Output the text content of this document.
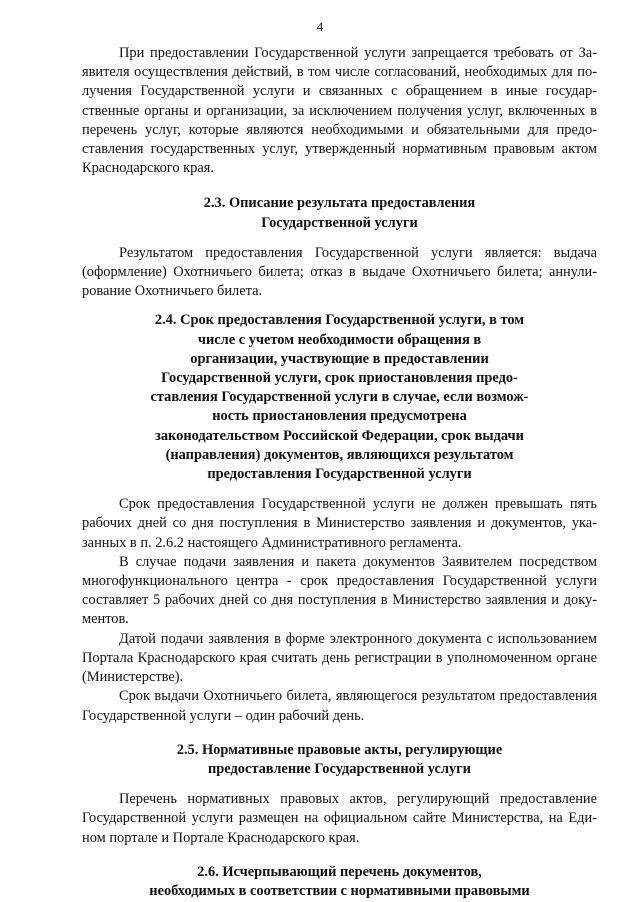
4

При предоставлении Государственной услуги запрещается требовать от Заявителя осуществления действий, в том числе согласований, необходимых для получения Государственной услуги и связанных с обращением в иные государственные органы и организации, за исключением получения услуг, включенных в перечень услуг, которые являются необходимыми и обязательными для предоставления государственных услуг, утвержденный нормативным правовым актом Краснодарского края.

2.3. Описание результата предоставления
Государственной услуги

Результатом предоставления Государственной услуги является: выдача (оформление) Охотничьего билета; отказ в выдаче Охотничьего билета; аннулирование Охотничьего билета.

2.4. Срок предоставления Государственной услуги, в том
числе с учетом необходимости обращения в
организации, участвующие в предоставлении
Государственной услуги, срок приостановления предо-
ставления Государственной услуги в случае, если возмож-
ность приостановления предусмотрена
законодательством Российской Федерации, срок выдачи
(направления) документов, являющихся результатом
предоставления Государственной услуги

Срок предоставления Государственной услуги не должен превышать пять рабочих дней со дня поступления в Министерство заявления и документов, указанных в п. 2.6.2 настоящего Административного регламента.

В случае подачи заявления и пакета документов Заявителем посредством многофункционального центра - срок предоставления Государственной услуги составляет 5 рабочих дней со дня поступления в Министерство заявления и документов.

Датой подачи заявления в форме электронного документа с использованием Портала Краснодарского края считать день регистрации в уполномоченном органе (Министерстве).

Срок выдачи Охотничьего билета, являющегося результатом предоставления Государственной услуги – один рабочий день.

2.5. Нормативные правовые акты, регулирующие
предоставление Государственной услуги

Перечень нормативных правовых актов, регулирующий предоставление Государственной услуги размещен на официальном сайте Министерства, на Едином портале и Портале Краснодарского края.

2.6. Исчерпывающий перечень документов,
необходимых в соответствии с нормативными правовыми
